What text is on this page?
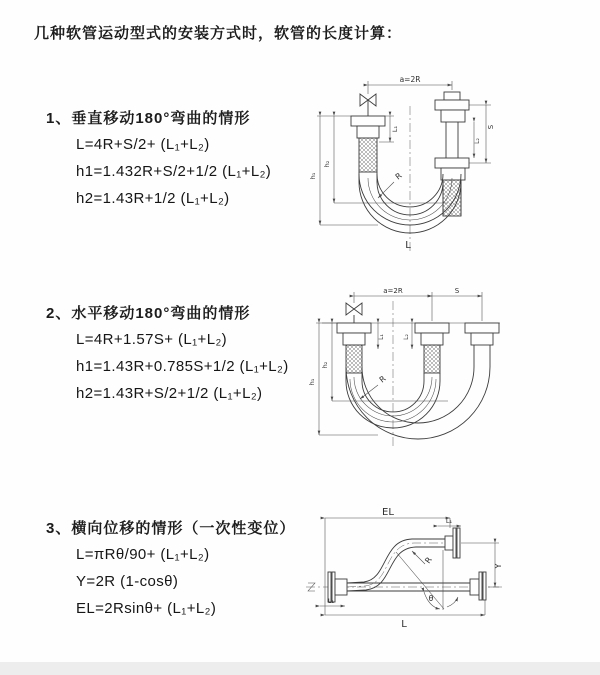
几种软管运动型式的安装方式时，软管的长度计算：
1、垂直移动180°弯曲的情形
L=4R+S/2+ (L₁+L₂)
h1=1.432R+S/2+1/2 (L₁+L₂)
h2=1.43R+1/2 (L₁+L₂)
a=2R
L₁	S
L₂
h₂
h₁	R
L
2、水平移动180°弯曲的情形
L=4R+1.57S+ (L₁+L₂)
h1=1.43R+0.785S+1/2 (L₁+L₂)
h2=1.43R+S/2+1/2 (L₁+L₂)
a=2R	S
L₁	L₂
h₂
h₁	R
3、横向位移的情形（一次性变位）
L=πRθ/90+ (L₁+L₂)
Y=2R (1-cosθ)
EL=2Rsinθ+ (L₁+L₂)
EL
L₁
Y
θ
R
L₁
L
